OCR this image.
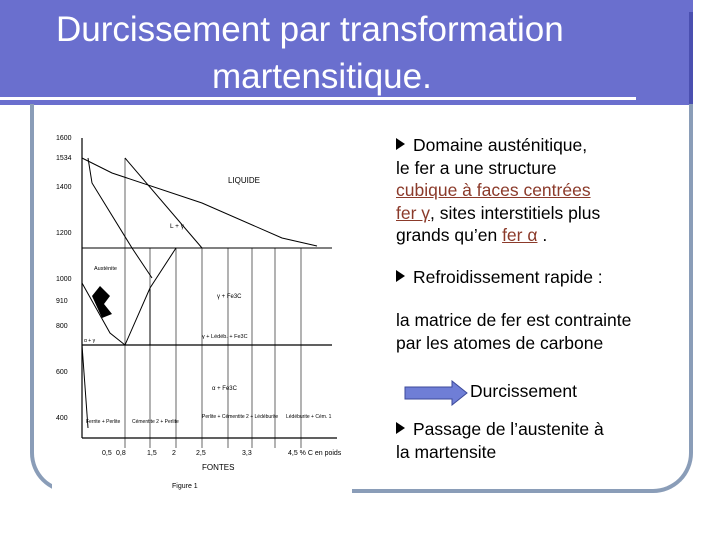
Durcissement par transformation
martensitique.
1600
1534
1400
1200
1000
910
800
600
400
0,5 0,8	1,5 2	2,5	3,3	4,5 % C en poids
LIQUIDE
L + γ
Austénite
γ + Fe3C
γ + Lédéb. + Fe3C
α + γ
α + Fe3C
Ferrite + Perlite Cémentite 2 + Perlite
Perlite + Cémentite 2 + Lédéburite Lédéburite + Cém. 1
FONTES
Figure 1

Domaine austénitique,
le fer a une structure
cubique à faces centrées
fer γ, sites interstitiels plus
grands qu’en fer α .

Refroidissement rapide :

la matrice de fer est contrainte
par les atomes de carbone

Durcissement

Passage de l’austenite à
la martensite
